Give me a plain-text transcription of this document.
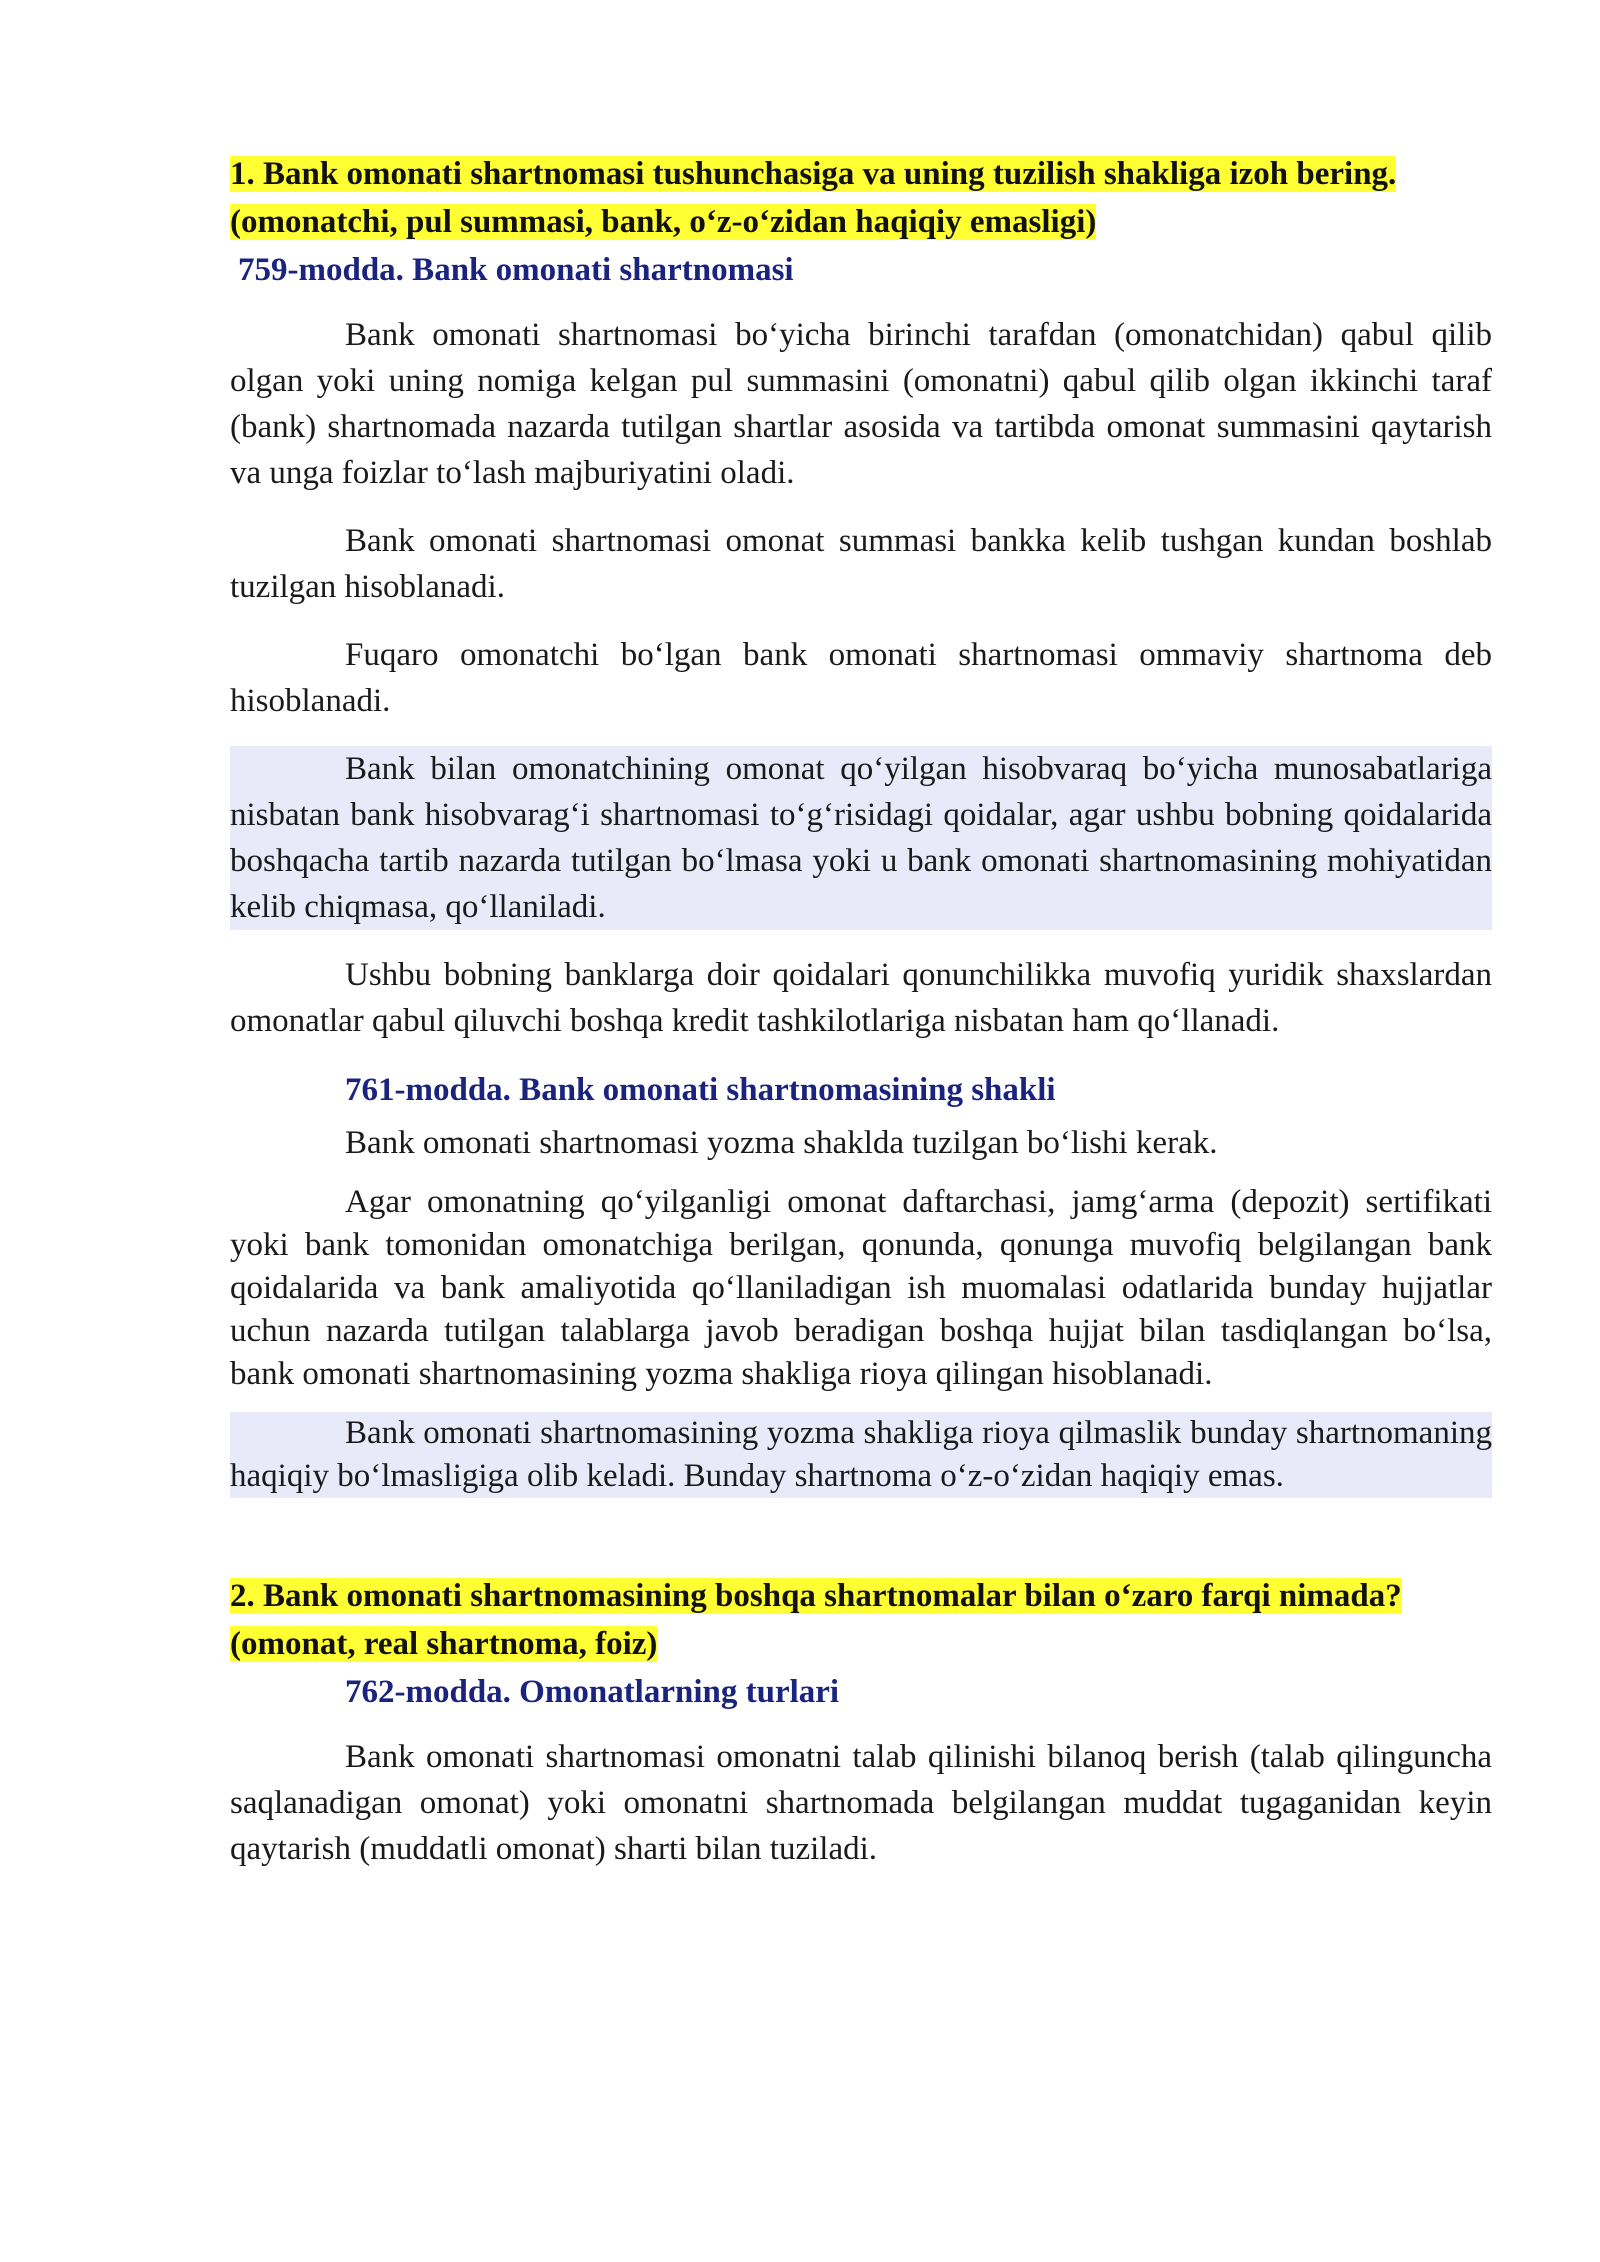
1. Bank omonati shartnomasi tushunchasiga va uning tuzilish shakliga izoh bering. (omonatchi, pul summasi, bank, o‘z-o‘zidan haqiqiy emasligi)

759-modda. Bank omonati shartnomasi

Bank omonati shartnomasi bo‘yicha birinchi tarafdan (omonatchidan) qabul qilib olgan yoki uning nomiga kelgan pul summasini (omonatni) qabul qilib olgan ikkinchi taraf (bank) shartnomada nazarda tutilgan shartlar asosida va tartibda omonat summasini qaytarish va unga foizlar to‘lash majburiyatini oladi.

Bank omonati shartnomasi omonat summasi bankka kelib tushgan kundan boshlab tuzilgan hisoblanadi.

Fuqaro omonatchi bo‘lgan bank omonati shartnomasi ommaviy shartnoma deb hisoblanadi.

Bank bilan omonatchining omonat qo‘yilgan hisobvaraq bo‘yicha munosabatlariga nisbatan bank hisobvarag‘i shartnomasi to‘g‘risidagi qoidalar, agar ushbu bobning qoidalarida boshqacha tartib nazarda tutilgan bo‘lmasa yoki u bank omonati shartnomasining mohiyatidan kelib chiqmasa, qo‘llaniladi.

Ushbu bobning banklarga doir qoidalari qonunchilikka muvofiq yuridik shaxslardan omonatlar qabul qiluvchi boshqa kredit tashkilotlariga nisbatan ham qo‘llanadi.

761-modda. Bank omonati shartnomasining shakli

Bank omonati shartnomasi yozma shaklda tuzilgan bo‘lishi kerak.

Agar omonatning qo‘yilganligi omonat daftarchasi, jamg‘arma (depozit) sertifikati yoki bank tomonidan omonatchiga berilgan, qonunda, qonunga muvofiq belgilangan bank qoidalarida va bank amaliyotida qo‘llaniladigan ish muomalasi odatlarida bunday hujjatlar uchun nazarda tutilgan talablarga javob beradigan boshqa hujjat bilan tasdiqlangan bo‘lsa, bank omonati shartnomasining yozma shakliga rioya qilingan hisoblanadi.

Bank omonati shartnomasining yozma shakliga rioya qilmaslik bunday shartnomaning haqiqiy bo‘lmasligiga olib keladi. Bunday shartnoma o‘z-o‘zidan haqiqiy emas.

2. Bank omonati shartnomasining boshqa shartnomalar bilan o‘zaro farqi nimada? (omonat, real shartnoma, foiz)

762-modda. Omonatlarning turlari

Bank omonati shartnomasi omonatni talab qilinishi bilanoq berish (talab qilinguncha saqlanadigan omonat) yoki omonatni shartnomada belgilangan muddat tugaganidan keyin qaytarish (muddatli omonat) sharti bilan tuziladi.
